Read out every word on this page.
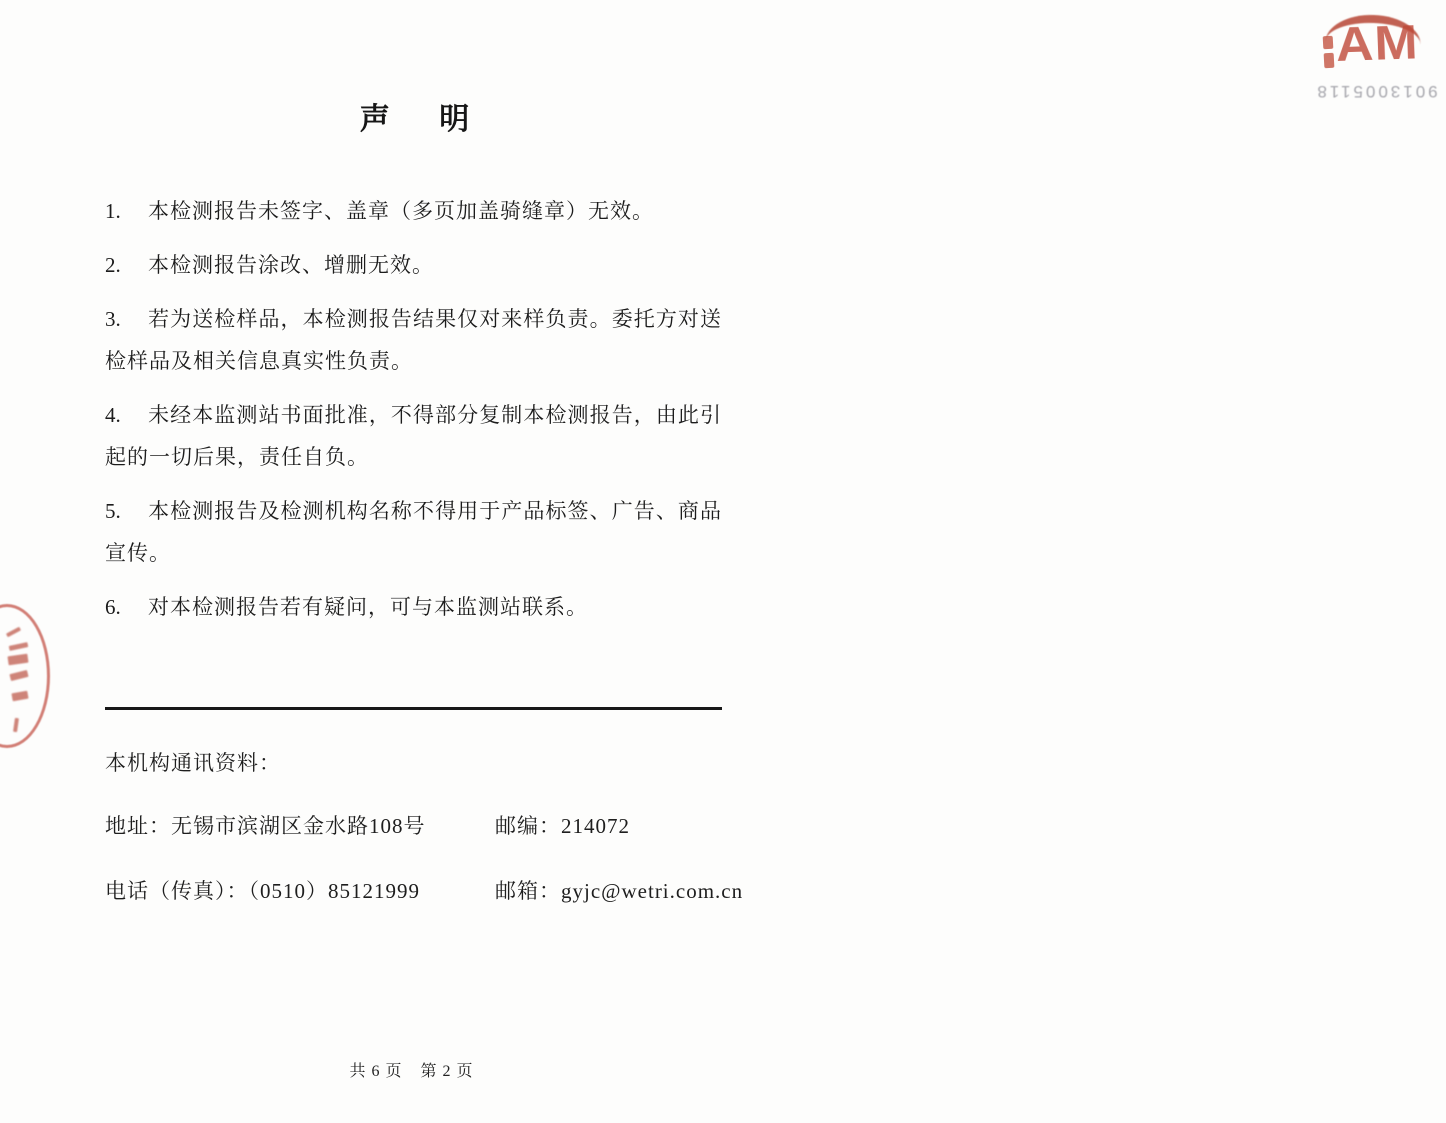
声 明

1. 本检测报告未签字、盖章（多页加盖骑缝章）无效。

2. 本检测报告涂改、增删无效。

3. 若为送检样品，本检测报告结果仅对来样负责。委托方对送检样品及相关信息真实性负责。

4. 未经本监测站书面批准，不得部分复制本检测报告，由此引起的一切后果，责任自负。

5. 本检测报告及检测机构名称不得用于产品标签、广告、商品宣传。

6. 对本检测报告若有疑问，可与本监测站联系。

本机构通讯资料：
地址：无锡市滨湖区金水路108号	邮编：214072
电话（传真）：（0510）85121999	邮箱：gyjc@wetri.com.cn
共 6 页 第 2 页
AM
9013005118
